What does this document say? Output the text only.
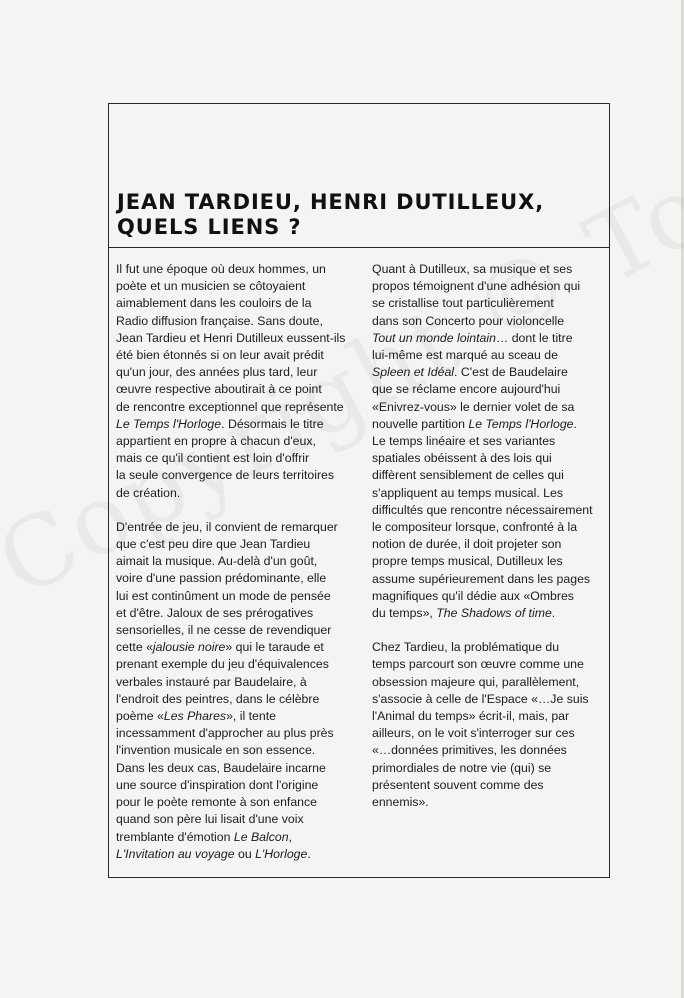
JEAN TARDIEU, HENRI DUTILLEUX,
QUELS LIENS ?

Il fut une époque où deux hommes, un
poète et un musicien se côtoyaient
aimablement dans les couloirs de la
Radio diffusion française. Sans doute,
Jean Tardieu et Henri Dutilleux eussent-ils
été bien étonnés si on leur avait prédit
qu'un jour, des années plus tard, leur
œuvre respective aboutirait à ce point
de rencontre exceptionnel que représente
Le Temps l'Horloge. Désormais le titre
appartient en propre à chacun d'eux,
mais ce qu'il contient est loin d'offrir
la seule convergence de leurs territoires
de création.

D'entrée de jeu, il convient de remarquer
que c'est peu dire que Jean Tardieu
aimait la musique. Au-delà d'un goût,
voire d'une passion prédominante, elle
lui est continûment un mode de pensée
et d'être. Jaloux de ses prérogatives
sensorielles, il ne cesse de revendiquer
cette «jalousie noire» qui le taraude et
prenant exemple du jeu d'équivalences
verbales instauré par Baudelaire, à
l'endroit des peintres, dans le célèbre
poème «Les Phares», il tente
incessamment d'approcher au plus près
l'invention musicale en son essence.
Dans les deux cas, Baudelaire incarne
une source d'inspiration dont l'origine
pour le poète remonte à son enfance
quand son père lui lisait d'une voix
tremblante d'émotion Le Balcon,
L'Invitation au voyage ou L'Horloge.

Quant à Dutilleux, sa musique et ses
propos témoignent d'une adhésion qui
se cristallise tout particulièrement
dans son Concerto pour violoncelle
Tout un monde lointain… dont le titre
lui-même est marqué au sceau de
Spleen et Idéal. C'est de Baudelaire
que se réclame encore aujourd'hui
«Enivrez-vous» le dernier volet de sa
nouvelle partition Le Temps l'Horloge.
Le temps linéaire et ses variantes
spatiales obéissent à des lois qui
diffèrent sensiblement de celles qui
s'appliquent au temps musical. Les
difficultés que rencontre nécessairement
le compositeur lorsque, confronté à la
notion de durée, il doit projeter son
propre temps musical, Dutilleux les
assume supérieurement dans les pages
magnifiques qu'il dédie aux «Ombres
du temps», The Shadows of time.

Chez Tardieu, la problématique du
temps parcourt son œuvre comme une
obsession majeure qui, parallèlement,
s'associe à celle de l'Espace «…Je suis
l'Animal du temps» écrit-il, mais, par
ailleurs, on le voit s'interroger sur ces
«…données primitives, les données
primordiales de notre vie (qui) se
présentent souvent comme des
ennemis».
